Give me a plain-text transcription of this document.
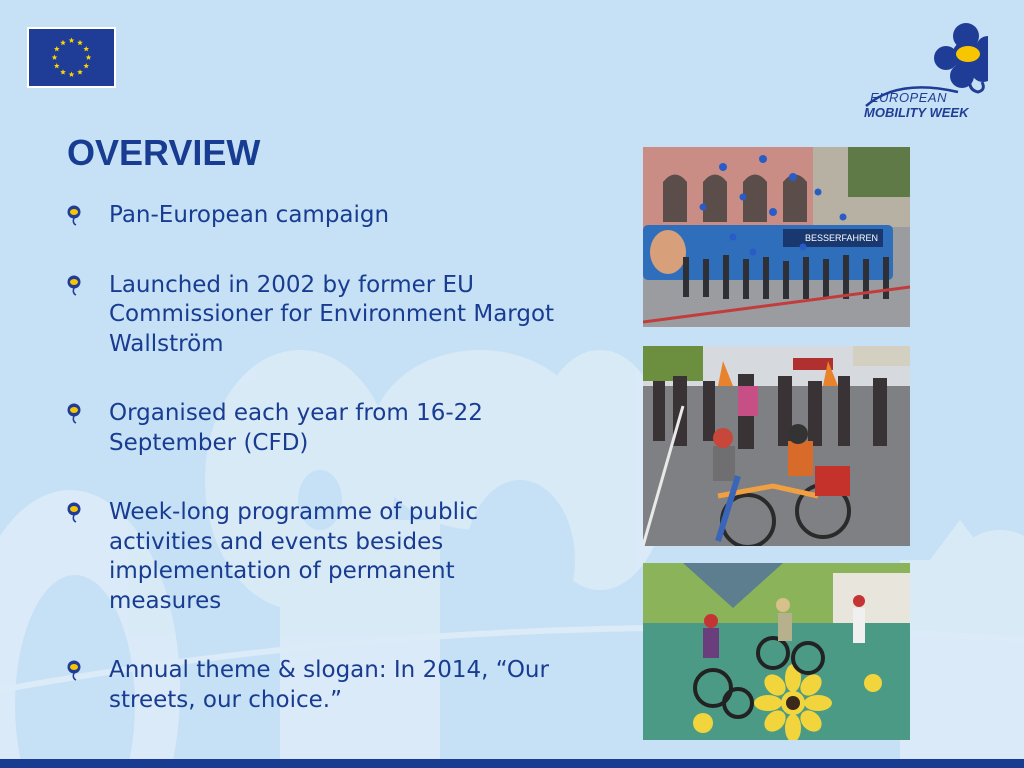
EUROPEAN
MOBILITY WEEK
OVERVIEW
Pan-European campaign
Launched in 2002 by former EU Commissioner for Environment Margot Wallström
Organised each year from 16-22 September (CFD)
Week-long programme of public activities and events besides implementation of permanent measures
Annual theme & slogan: In 2014, “Our streets, our choice.”
BESSERFAHREN
